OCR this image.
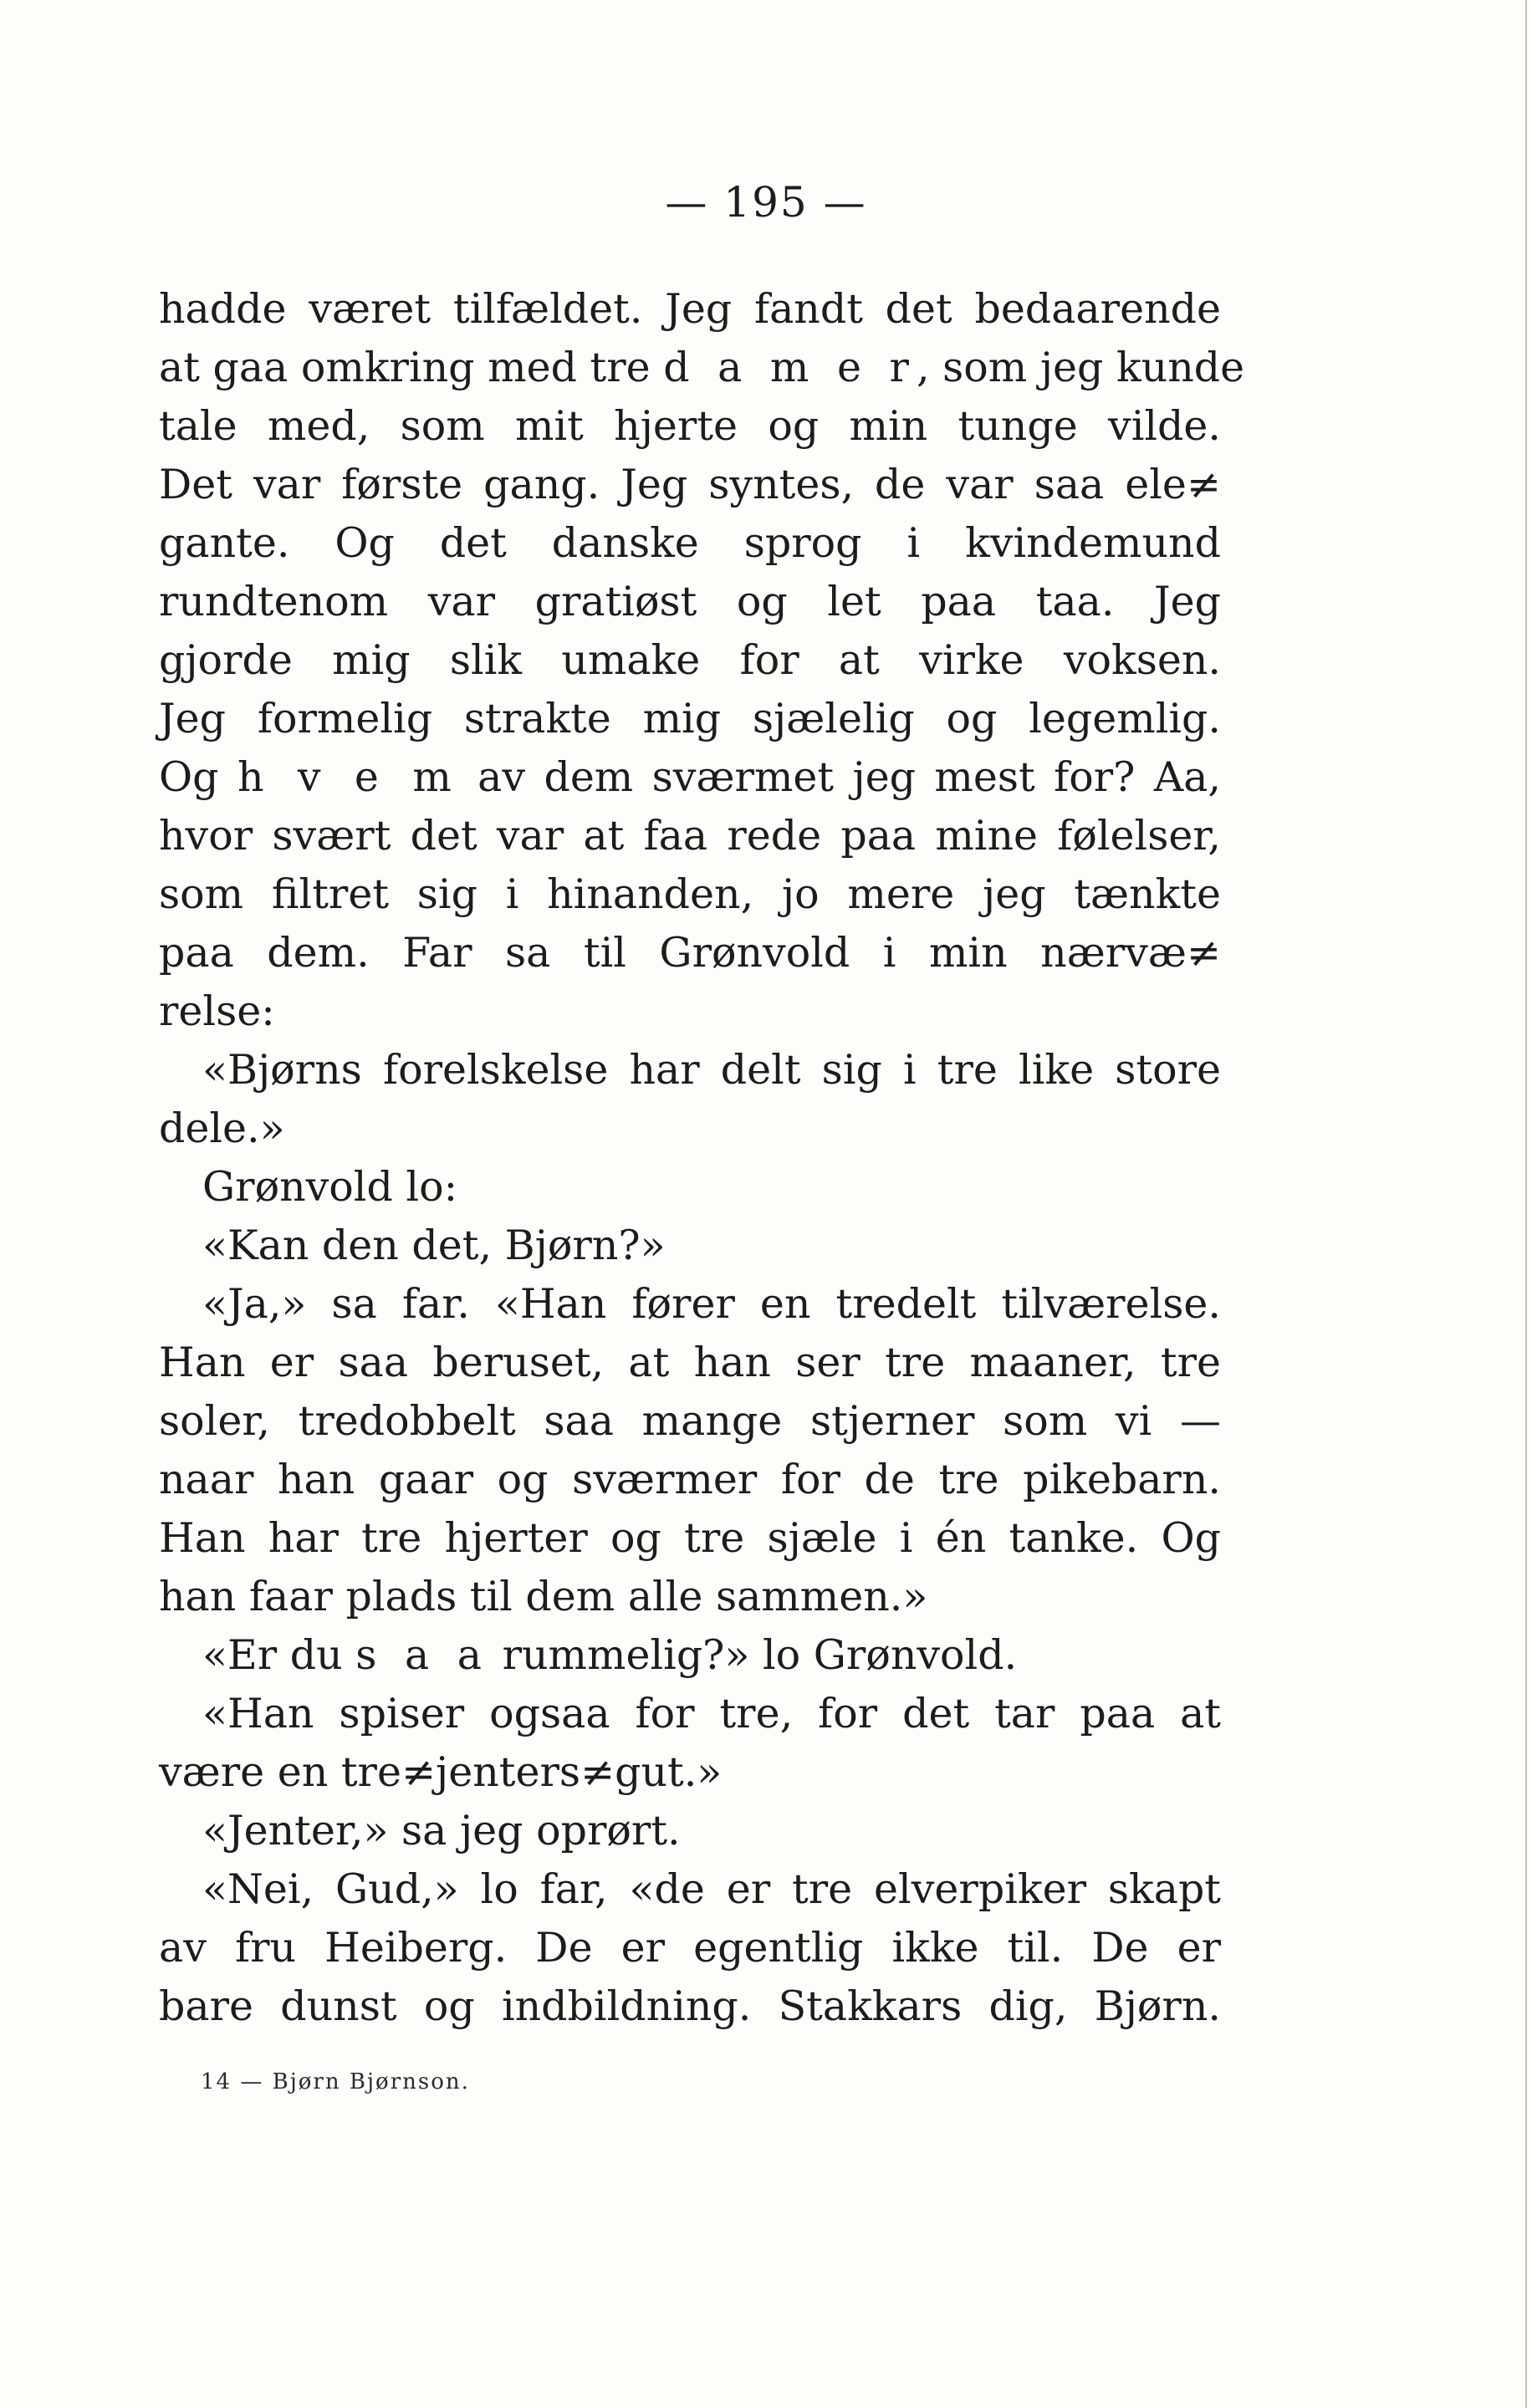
— 195 —
hadde været tilfældet. Jeg fandt det bedaarende
at gaa omkring med tre d a m e r, som jeg kunde
tale med, som mit hjerte og min tunge vilde.
Det var første gang. Jeg syntes, de var saa ele≠
gante. Og det danske sprog i kvindemund
rundtenom var gratiøst og let paa taa. Jeg
gjorde mig slik umake for at virke voksen.
Jeg formelig strakte mig sjælelig og legemlig.
Og h v e m av dem sværmet jeg mest for? Aa,
hvor svært det var at faa rede paa mine følelser,
som filtret sig i hinanden, jo mere jeg tænkte
paa dem. Far sa til Grønvold i min nærvæ≠
relse:
«Bjørns forelskelse har delt sig i tre like store
dele.»
Grønvold lo:
«Kan den det, Bjørn?»
«Ja,» sa far. «Han fører en tredelt tilværelse.
Han er saa beruset, at han ser tre maaner, tre
soler, tredobbelt saa mange stjerner som vi —
naar han gaar og sværmer for de tre pikebarn.
Han har tre hjerter og tre sjæle i én tanke. Og
han faar plads til dem alle sammen.»
«Er du s a a rummelig?» lo Grønvold.
«Han spiser ogsaa for tre, for det tar paa at
være en tre≠jenters≠gut.»
«Jenter,» sa jeg oprørt.
«Nei, Gud,» lo far, «de er tre elverpiker skapt
av fru Heiberg. De er egentlig ikke til. De er
bare dunst og indbildning. Stakkars dig, Bjørn.
14 — Bjørn Bjørnson.
